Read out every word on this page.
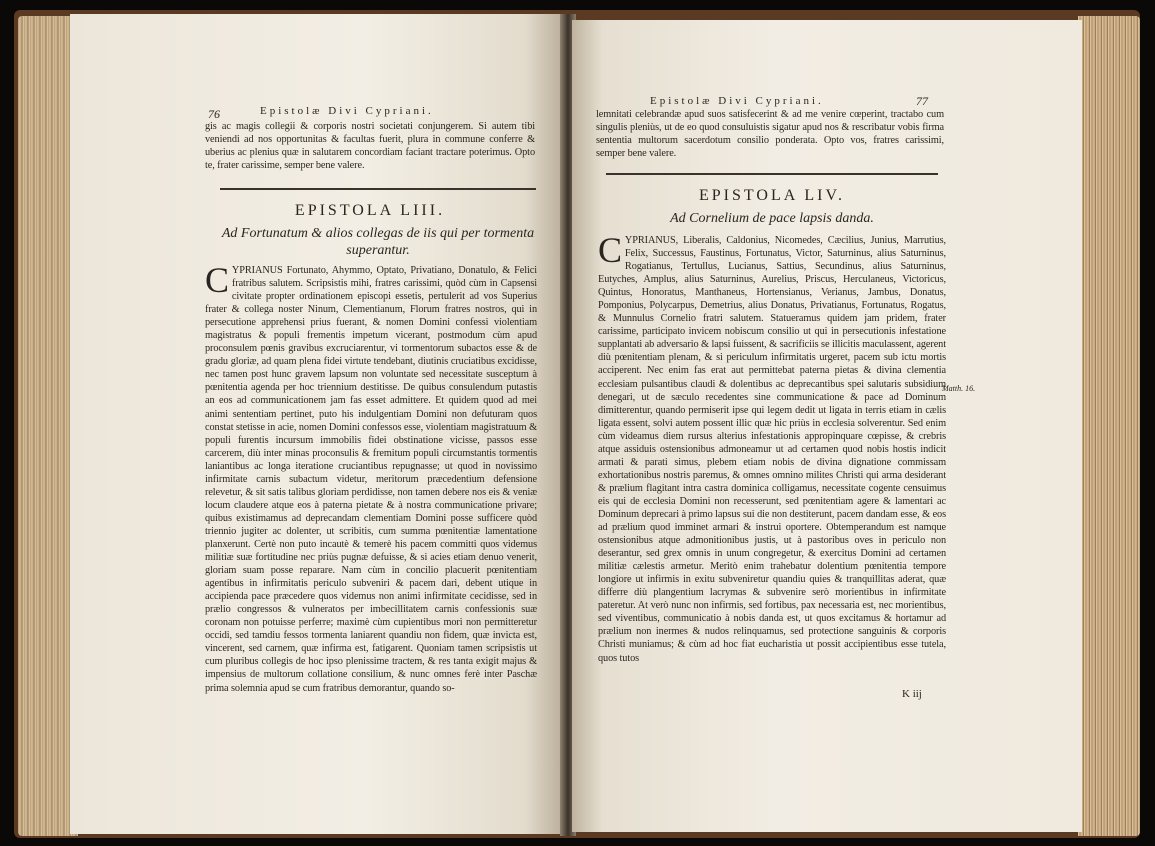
76	Epistolæ Divi Cypriani.
gis ac magis collegii & corporis nostri societati conjungerem. Si autem tibi veniendi ad nos opportunitas & facultas fuerit, plura in commune conferre & uberius ac plenius quæ in salutarem concordiam faciant tractare poterimus. Opto te, frater carissime, semper bene valere.
EPISTOLA LIII.
Ad Fortunatum & alios collegas de iis qui per tormenta superantur.
CYPRIANUS Fortunato, Ahymmo, Optato, Privatiano, Donatulo, & Felici fratribus salutem. Scripsistis mihi, fratres carissimi, quòd cùm in Capsensi civitate propter ordinationem episcopi essetis, pertulerit ad vos Superius frater & collega noster Ninum, Clementianum, Florum fratres nostros, qui in persecutione apprehensi prius fuerant, & nomen Domini confessi violentiam magistratus & populi frementis impetum vicerant, postmodum cùm apud proconsulem pœnis gravibus excruciarentur, vi tormentorum subactos esse & de gradu gloriæ, ad quam plena fidei virtute tendebant, diutinis cruciatibus excidisse, nec tamen post hunc gravem lapsum non voluntate sed necessitate susceptum à pœnitentia agenda per hoc triennium destitisse. De quibus consulendum putastis an eos ad communicationem jam fas esset admittere. Et quidem quod ad mei animi sententiam pertinet, puto his indulgentiam Domini non defuturam quos constat stetisse in acie, nomen Domini confessos esse, violentiam magistratuum & populi furentis incursum immobilis fidei obstinatione vicisse, passos esse carcerem, diù inter minas proconsulis & fremitum populi circumstantis tormentis laniantibus ac longa iteratione cruciantibus repugnasse; ut quod in novissimo infirmitate carnis subactum videtur, meritorum præcedentium defensione relevetur, & sit satis talibus gloriam perdidisse, non tamen debere nos eis & veniæ locum claudere atque eos à paterna pietate & à nostra communicatione privare; quibus existimamus ad deprecandam clementiam Domini posse sufficere quòd triennio jugiter ac dolenter, ut scribitis, cum summa pœnitentiæ lamentatione planxerunt. Certè non puto incautè & temerè his pacem committi quos videmus militiæ suæ fortitudine nec priùs pugnæ defuisse, & si acies etiam denuo venerit, gloriam suam posse reparare. Nam cùm in concilio placuerit pœnitentiam agentibus in infirmitatis periculo subveniri & pacem dari, debent utique in accipienda pace præcedere quos videmus non animi infirmitate cecidisse, sed in prælio congressos & vulneratos per imbecillitatem carnis confessionis suæ coronam non potuisse perferre; maximè cùm cupientibus mori non permitteretur occidi, sed tamdiu fessos tormenta laniarent quandiu non fidem, quæ invicta est, vincerent, sed carnem, quæ infirma est, fatigarent. Quoniam tamen scripsistis ut cum pluribus collegis de hoc ipso plenissime tractem, & res tanta exigit majus & impensius de multorum collatione consilium, & nunc omnes ferè inter Paschæ prima solemnia apud se cum fratribus demorantur, quando so-
Epistolæ Divi Cypriani.	77
lemnitati celebrandæ apud suos satisfecerint & ad me venire cœperint, tractabo cum singulis pleniùs, ut de eo quod consuluistis sigatur apud nos & rescribatur vobis firma sententia multorum sacerdotum consilio ponderata. Opto vos, fratres carissimi, semper bene valere.
EPISTOLA LIV.
Ad Cornelium de pace lapsis danda.
CYPRIANUS, Liberalis, Caldonius, Nicomedes, Cæcilius, Junius, Marrutius, Felix, Successus, Faustinus, Fortunatus, Victor, Saturninus, alius Saturninus, Rogatianus, Tertullus, Lucianus, Sattius, Secundinus, alius Saturninus, Eutyches, Amplus, alius Saturninus, Aurelius, Priscus, Herculaneus, Victoricus, Quintus, Honoratus, Manthaneus, Hortensianus, Verianus, Jambus, Donatus, Pomponius, Polycarpus, Demetrius, alius Donatus, Privatianus, Fortunatus, Rogatus, & Munnulus Cornelio fratri salutem. Statueramus quidem jam pridem, frater carissime, participato invicem nobiscum consilio ut qui in persecutionis infestatione supplantati ab adversario & lapsi fuissent, & sacrificiis se illicitis maculassent, agerent diù pœnitentiam plenam, & si periculum infirmitatis urgeret, pacem sub ictu mortis acciperent. Nec enim fas erat aut permittebat paterna pietas & divina clementia ecclesiam pulsantibus claudi & dolentibus ac deprecantibus spei salutaris subsidium denegari, ut de sæculo recedentes sine communicatione & pace ad Dominum dimitterentur, quando permiserit ipse qui legem dedit ut ligata in terris etiam in cælis ligata essent, solvi autem possent illic quæ hic priùs in ecclesia solverentur. Sed enim cùm videamus diem rursus alterius infestationis appropinquare cœpisse, & crebris atque assiduis ostensionibus admoneamur ut ad certamen quod nobis hostis indicit armati & parati simus, plebem etiam nobis de divina dignatione commissam exhortationibus nostris paremus, & omnes omnino milites Christi qui arma desiderant & prælium flagitant intra castra dominica colligamus, necessitate cogente censuimus eis qui de ecclesia Domini non recesserunt, sed pœnitentiam agere & lamentari ac Dominum deprecari à primo lapsus sui die non destiterunt, pacem dandam esse, & eos ad prælium quod imminet armari & instrui oportere. Obtemperandum est namque ostensionibus atque admonitionibus justis, ut à pastoribus oves in periculo non deserantur, sed grex omnis in unum congregetur, & exercitus Domini ad certamen militiæ cælestis armetur. Meritò enim trahebatur dolentium pœnitentia tempore longiore ut infirmis in exitu subveniretur quandiu quies & tranquillitas aderat, quæ differre diù plangentium lacrymas & subvenire serò morientibus in infirmitate pateretur. At verò nunc non infirmis, sed fortibus, pax necessaria est, nec morientibus, sed viventibus, communicatio à nobis danda est, ut quos excitamus & hortamur ad prælium non inermes & nudos relinquamus, sed protectione sanguinis & corporis Christi muniamus; & cùm ad hoc fiat eucharistia ut possit accipientibus esse tutela, quos tutos
Matth. 16.
K iij
